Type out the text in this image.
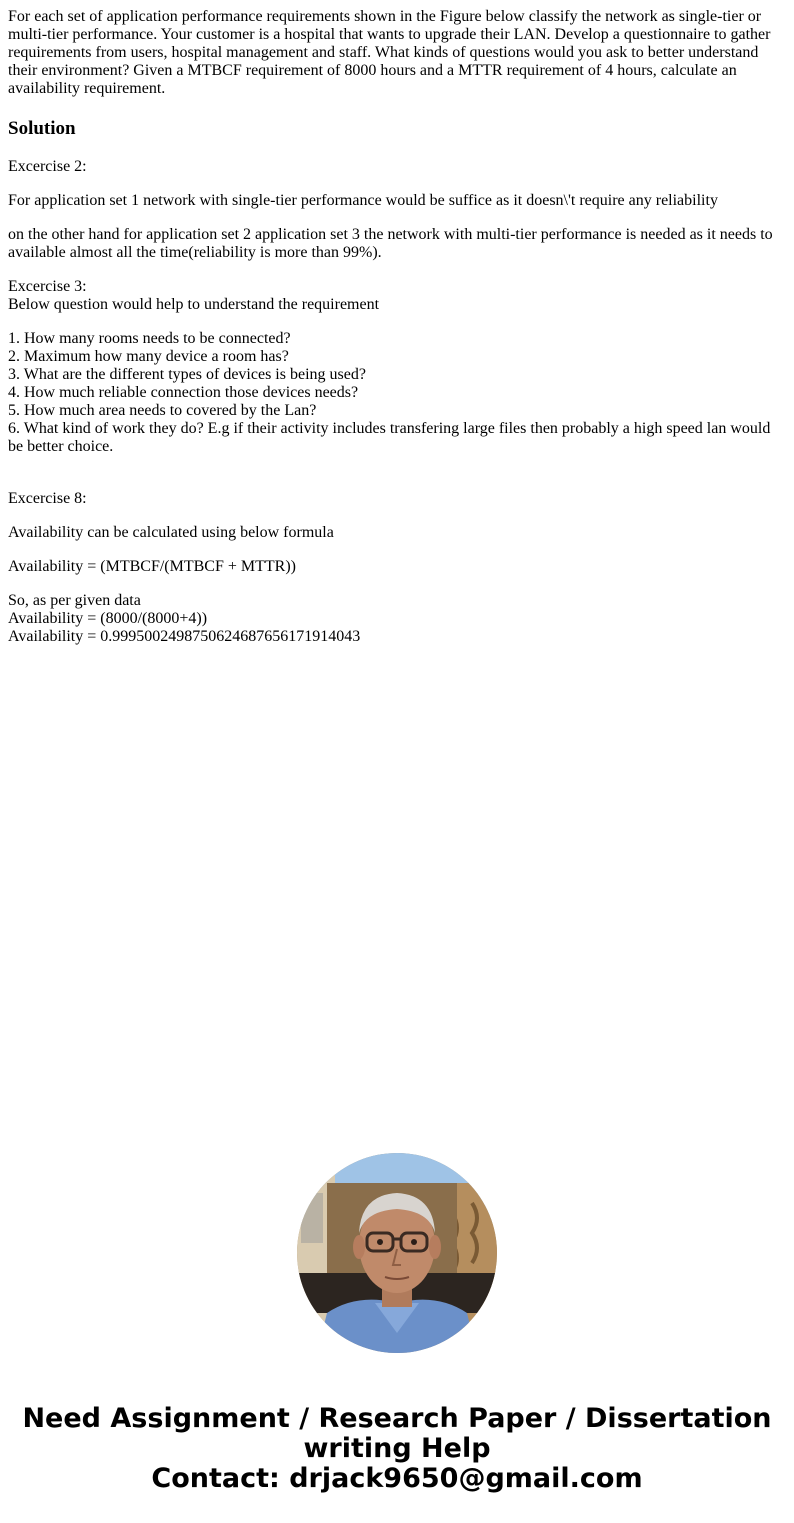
For each set of application performance requirements shown in the Figure below classify the network as single-tier or multi-tier performance. Your customer is a hospital that wants to upgrade their LAN. Develop a questionnaire to gather requirements from users, hospital management and staff. What kinds of questions would you ask to better understand their environment? Given a MTBCF requirement of 8000 hours and a MTTR requirement of 4 hours, calculate an availability requirement.

Solution

Excercise 2:

For application set 1 network with single-tier performance would be suffice as it doesn\'t require any reliability

on the other hand for application set 2 application set 3 the network with multi-tier performance is needed as it needs to available almost all the time(reliability is more than 99%).

Excercise 3:
Below question would help to understand the requirement

1. How many rooms needs to be connected?
2. Maximum how many device a room has?
3. What are the different types of devices is being used?
4. How much reliable connection those devices needs?
5. How much area needs to covered by the Lan?
6. What kind of work they do? E.g if their activity includes transfering large files then probably a high speed lan would be better choice.

Excercise 8:

Availability can be calculated using below formula

Availability = (MTBCF/(MTBCF + MTTR))

So, as per given data
Availability = (8000/(8000+4))
Availability = 0.99950024987506246876561719140​43

Need Assignment / Research Paper / Dissertation
writing Help
Contact: drjack9650@gmail.com
